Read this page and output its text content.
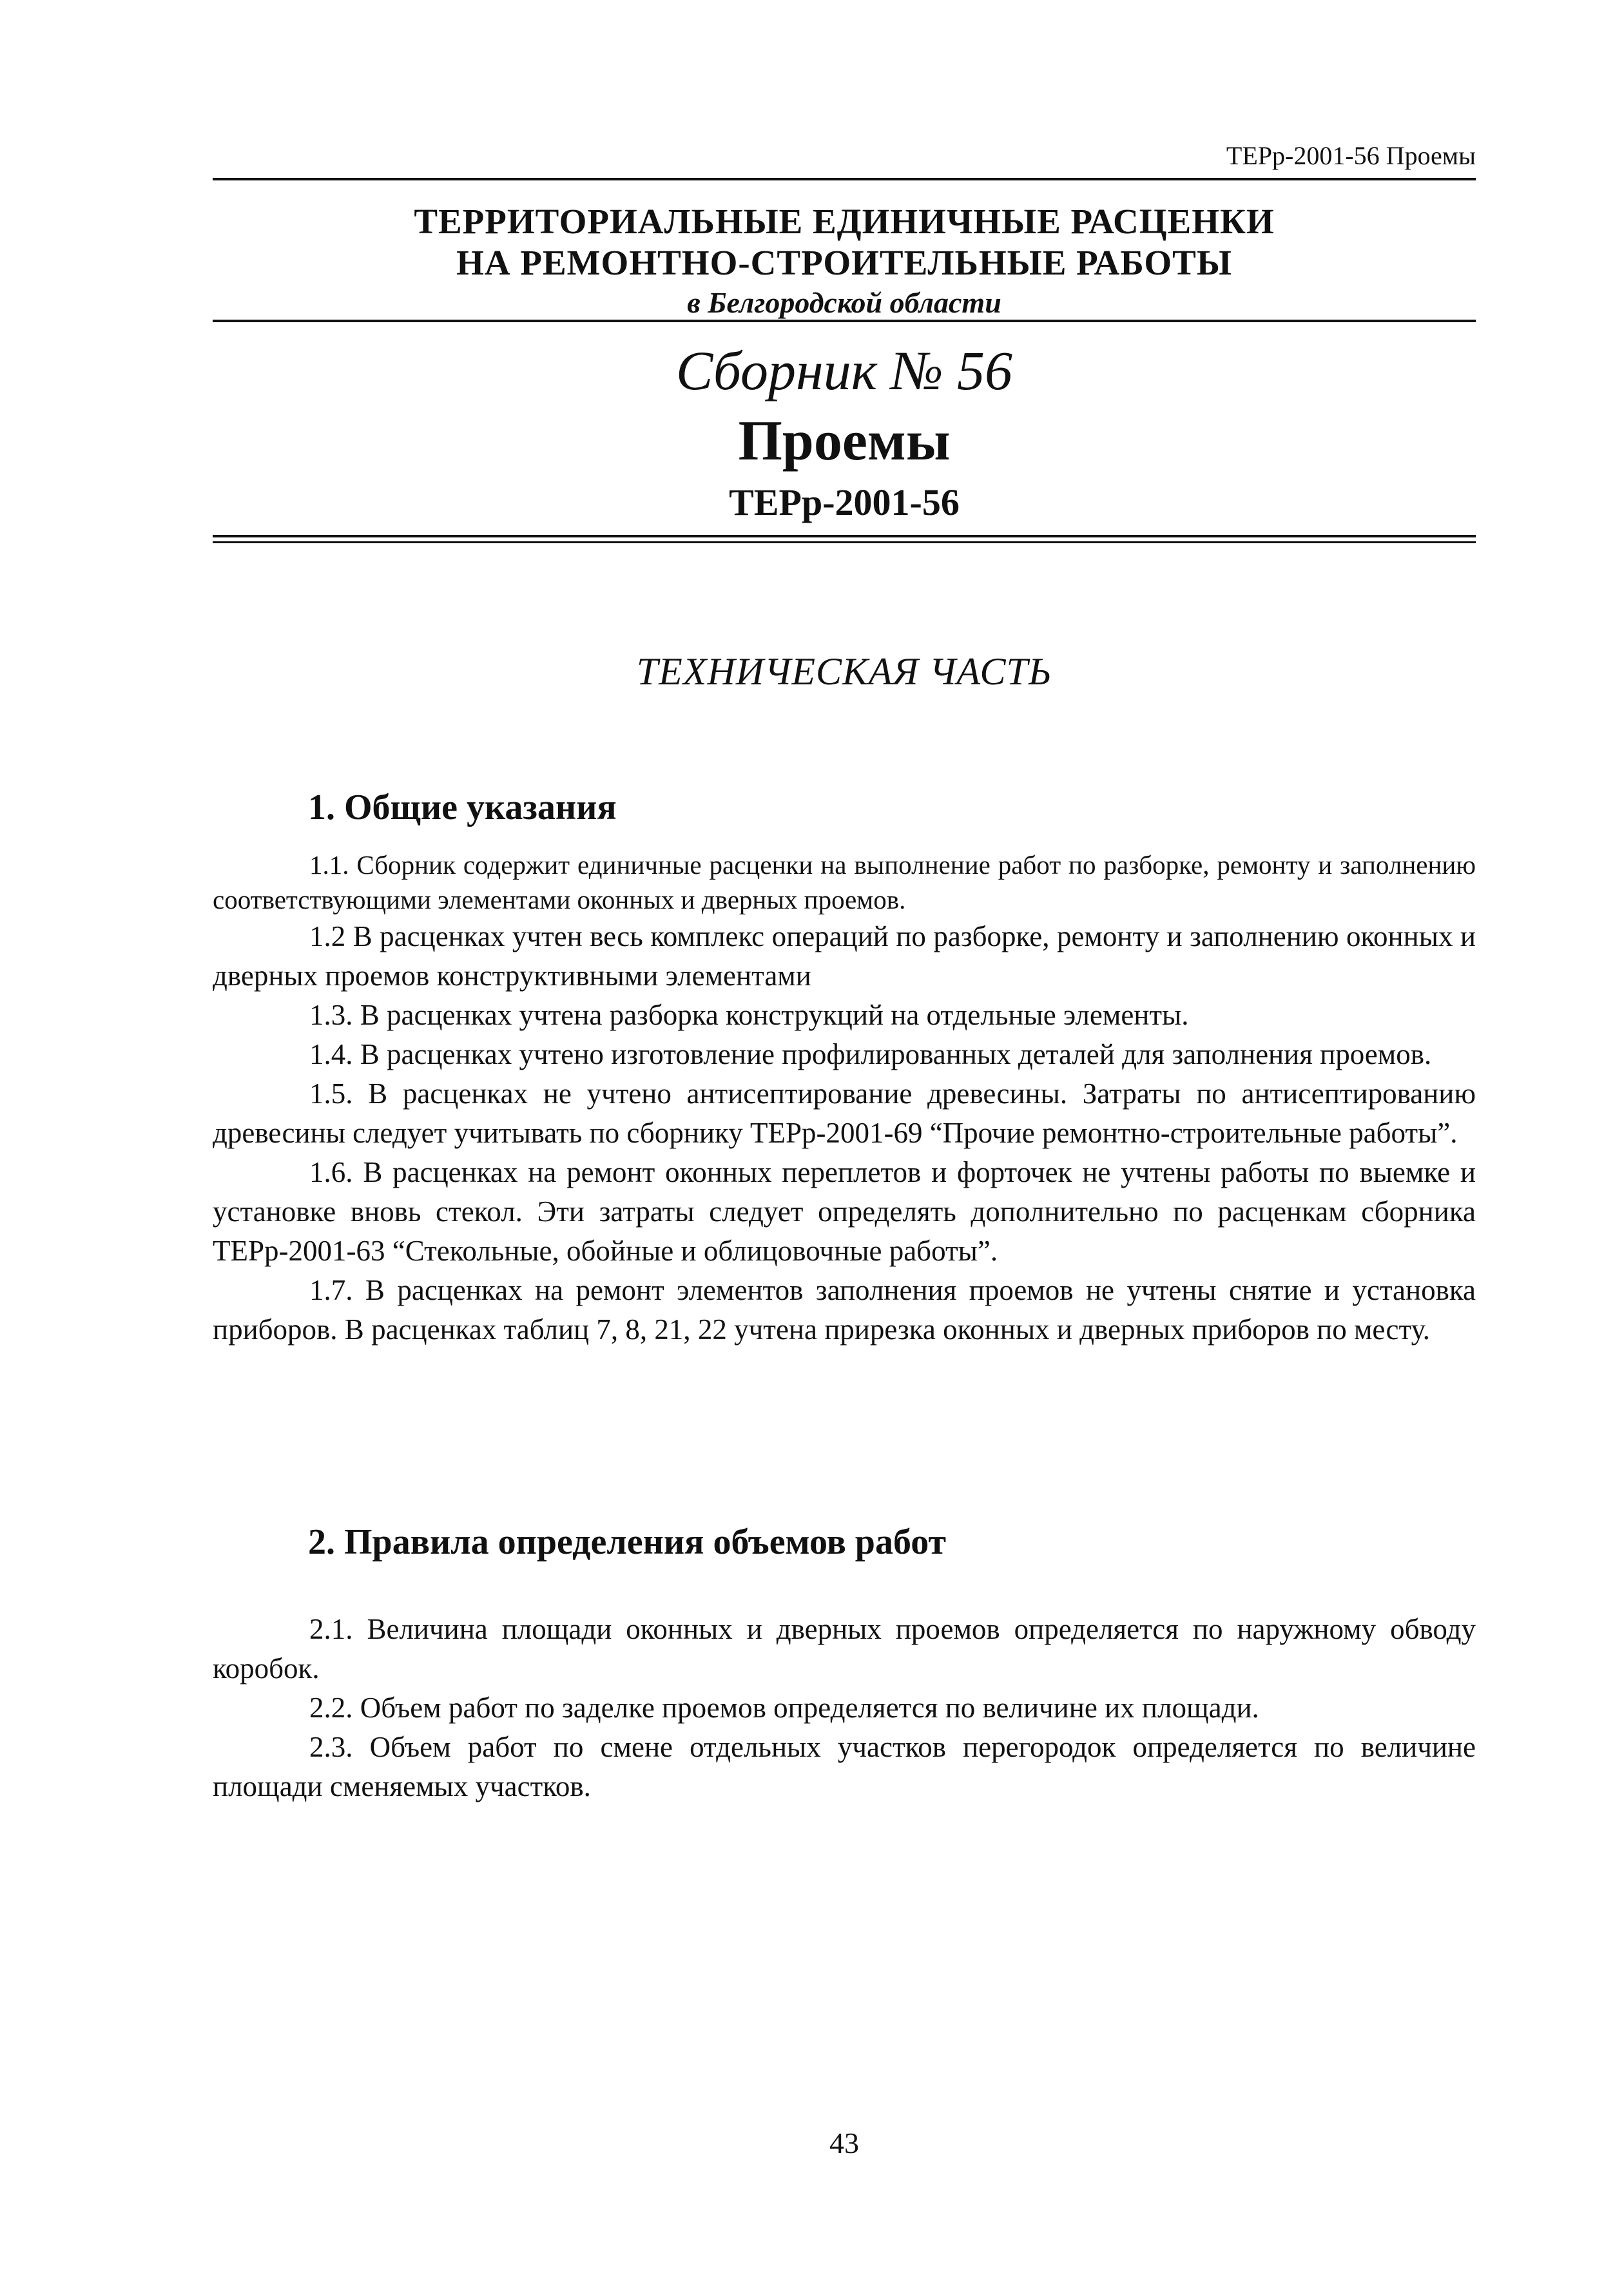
ТЕРр-2001-56 Проемы
ТЕРРИТОРИАЛЬНЫЕ ЕДИНИЧНЫЕ РАСЦЕНКИ
НА РЕМОНТНО-СТРОИТЕЛЬНЫЕ РАБОТЫ
в Белгородской области
Сборник № 56
Проемы
ТЕРр-2001-56
ТЕХНИЧЕСКАЯ ЧАСТЬ
1. Общие указания

1.1. Сборник содержит единичные расценки на выполнение работ по разборке, ремонту и заполнению соответствующими элементами оконных и дверных проемов.

1.2 В расценках учтен весь комплекс операций по разборке, ремонту и заполнению оконных и дверных проемов конструктивными элементами

1.3. В расценках учтена разборка конструкций на отдельные элементы.

1.4. В расценках учтено изготовление профилированных деталей для заполнения проемов.

1.5. В расценках не учтено антисептирование древесины. Затраты по антисептированию древесины следует учитывать по сборнику ТЕРр-2001-69 “Прочие ремонтно-строительные работы”.

1.6. В расценках на ремонт оконных переплетов и форточек не учтены работы по выемке и установке вновь стекол. Эти затраты следует определять дополнительно по расценкам сборника ТЕРр-2001-63 “Стекольные, обойные и облицовочные работы”.

1.7. В расценках на ремонт элементов заполнения проемов не учтены снятие и установка приборов. В расценках таблиц 7, 8, 21, 22 учтена прирезка оконных и дверных приборов по месту.

2. Правила определения объемов работ

2.1. Величина площади оконных и дверных проемов определяется по наружному обводу коробок.

2.2. Объем работ по заделке проемов определяется по величине их площади.

2.3. Объем работ по смене отдельных участков перегородок определяется по величине площади сменяемых участков.

43
